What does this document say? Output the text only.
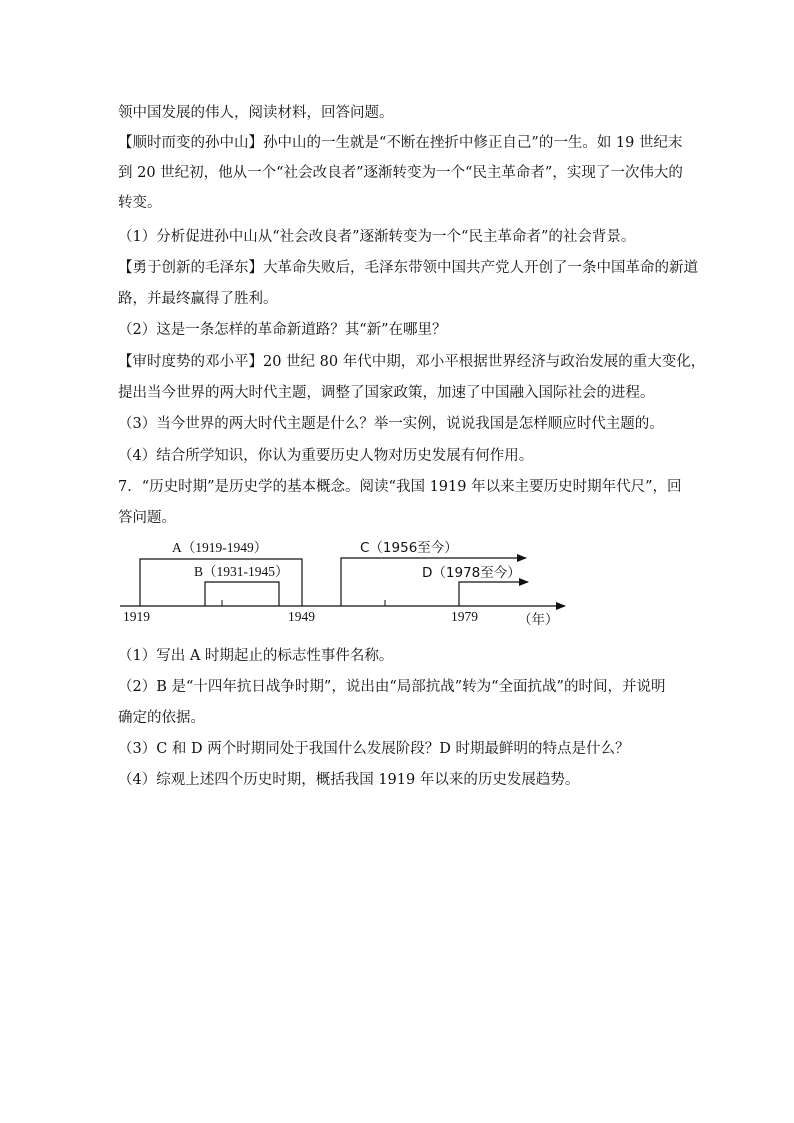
领中国发展的伟人，阅读材料，回答问题。
【顺时而变的孙中山】孙中山的一生就是“不断在挫折中修正自己”的一生。如 19 世纪末
到 20 世纪初，他从一个“社会改良者”逐渐转变为一个“民主革命者”，实现了一次伟大的
转变。
（1）分析促进孙中山从“社会改良者”逐渐转变为一个“民主革命者”的社会背景。
【勇于创新的毛泽东】大革命失败后，毛泽东带领中国共产党人开创了一条中国革命的新道
路，并最终赢得了胜利。
（2）这是一条怎样的革命新道路？其“新”在哪里？
【审时度势的邓小平】20 世纪 80 年代中期，邓小平根据世界经济与政治发展的重大变化，
提出当今世界的两大时代主题，调整了国家政策，加速了中国融入国际社会的进程。
（3）当今世界的两大时代主题是什么？举一实例，说说我国是怎样顺应时代主题的。
（4）结合所学知识，你认为重要历史人物对历史发展有何作用。
7．“历史时期”是历史学的基本概念。阅读“我国 1919 年以来主要历史时期年代尺”，回
答问题。
A（1919-1949）
B（1931-1945）
C（1956至今）
D（1978至今）
1919	1949	1979	（年）
（1）写出 A 时期起止的标志性事件名称。
（2）B 是“十四年抗日战争时期”，说出由“局部抗战”转为“全面抗战”的时间，并说明
确定的依据。
（3）C 和 D 两个时期同处于我国什么发展阶段？D 时期最鲜明的特点是什么？
（4）综观上述四个历史时期，概括我国 1919 年以来的历史发展趋势。
